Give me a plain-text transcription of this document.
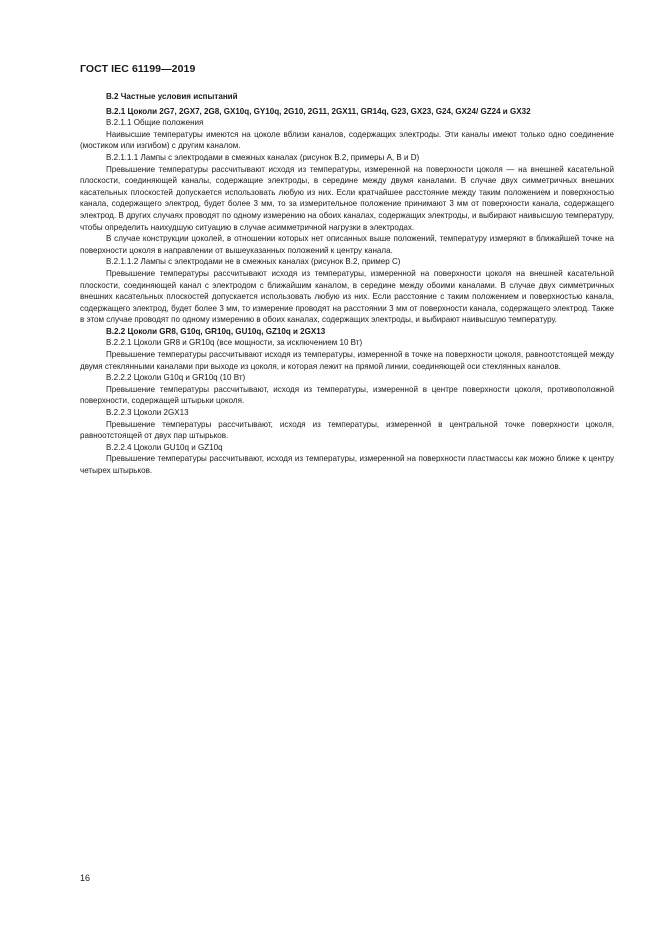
ГОСТ IEC 61199—2019

B.2 Частные условия испытаний

B.2.1 Цоколи 2G7, 2GX7, 2G8, GX10q, GY10q, 2G10, 2G11, 2GX11, GR14q, G23, GX23, G24, GX24/ GZ24 и GX32

B.2.1.1 Общие положения

Наивысшие температуры имеются на цоколе вблизи каналов, содержащих электроды. Эти каналы имеют только одно соединение (мостиком или изгибом) с другим каналом.

B.2.1.1.1 Лампы с электродами в смежных каналах (рисунок В.2, примеры А, В и D)

Превышение температуры рассчитывают исходя из температуры, измеренной на поверхности цоколя — на внешней касательной плоскости, соединяющей каналы, содержащие электроды, в середине между двумя каналами. В случае двух симметричных внешних касательных плоскостей допускается использовать любую из них. Если кратчайшее расстояние между таким положением и поверхностью канала, содержащего электрод, будет более 3 мм, то за измерительное положение принимают 3 мм от поверхности канала, содержащего электрод. В других случаях проводят по одному измерению на обоих каналах, содержащих электроды, и выбирают наивысшую температуру, чтобы определить наихудшую ситуацию в случае асимметричной нагрузки в электродах.

В случае конструкции цоколей, в отношении которых нет описанных выше положений, температуру измеряют в ближайшей точке на поверхности цоколя в направлении от вышеуказанных положений к центру канала.

B.2.1.1.2 Лампы с электродами не в смежных каналах (рисунок В.2, пример С)

Превышение температуры рассчитывают исходя из температуры, измеренной на поверхности цоколя на внешней касательной плоскости, соединяющей канал с электродом с ближайшим каналом, в середине между обоими каналами. В случае двух симметричных внешних касательных плоскостей допускается использовать любую из них. Если расстояние с таким положением и поверхностью канала, содержащего электрод, будет более 3 мм, то измерение проводят на расстоянии 3 мм от поверхности канала, содержащего электрод. Также в этом случае проводят по одному измерению в обоих каналах, содержащих электроды, и выбирают наивысшую температуру.

B.2.2 Цоколи GR8, G10q, GR10q, GU10q, GZ10q и 2GX13

B.2.2.1 Цоколи GR8 и GR10q (все мощности, за исключением 10 Вт)

Превышение температуры рассчитывают исходя из температуры, измеренной в точке на поверхности цоколя, равноотстоящей между двумя стеклянными каналами при выходе из цоколя, и которая лежит на прямой линии, соединяющей оси стеклянных каналов.

B.2.2.2 Цоколи G10q и GR10q (10 Вт)

Превышение температуры рассчитывают, исходя из температуры, измеренной в центре поверхности цоколя, противоположной поверхности, содержащей штырьки цоколя.

B.2.2.3 Цоколи 2GX13

Превышение температуры рассчитывают, исходя из температуры, измеренной в центральной точке поверхности цоколя, равноотстоящей от двух пар штырьков.

B.2.2.4 Цоколи GU10q и GZ10q

Превышение температуры рассчитывают, исходя из температуры, измеренной на поверхности пластмассы как можно ближе к центру четырех штырьков.

16
